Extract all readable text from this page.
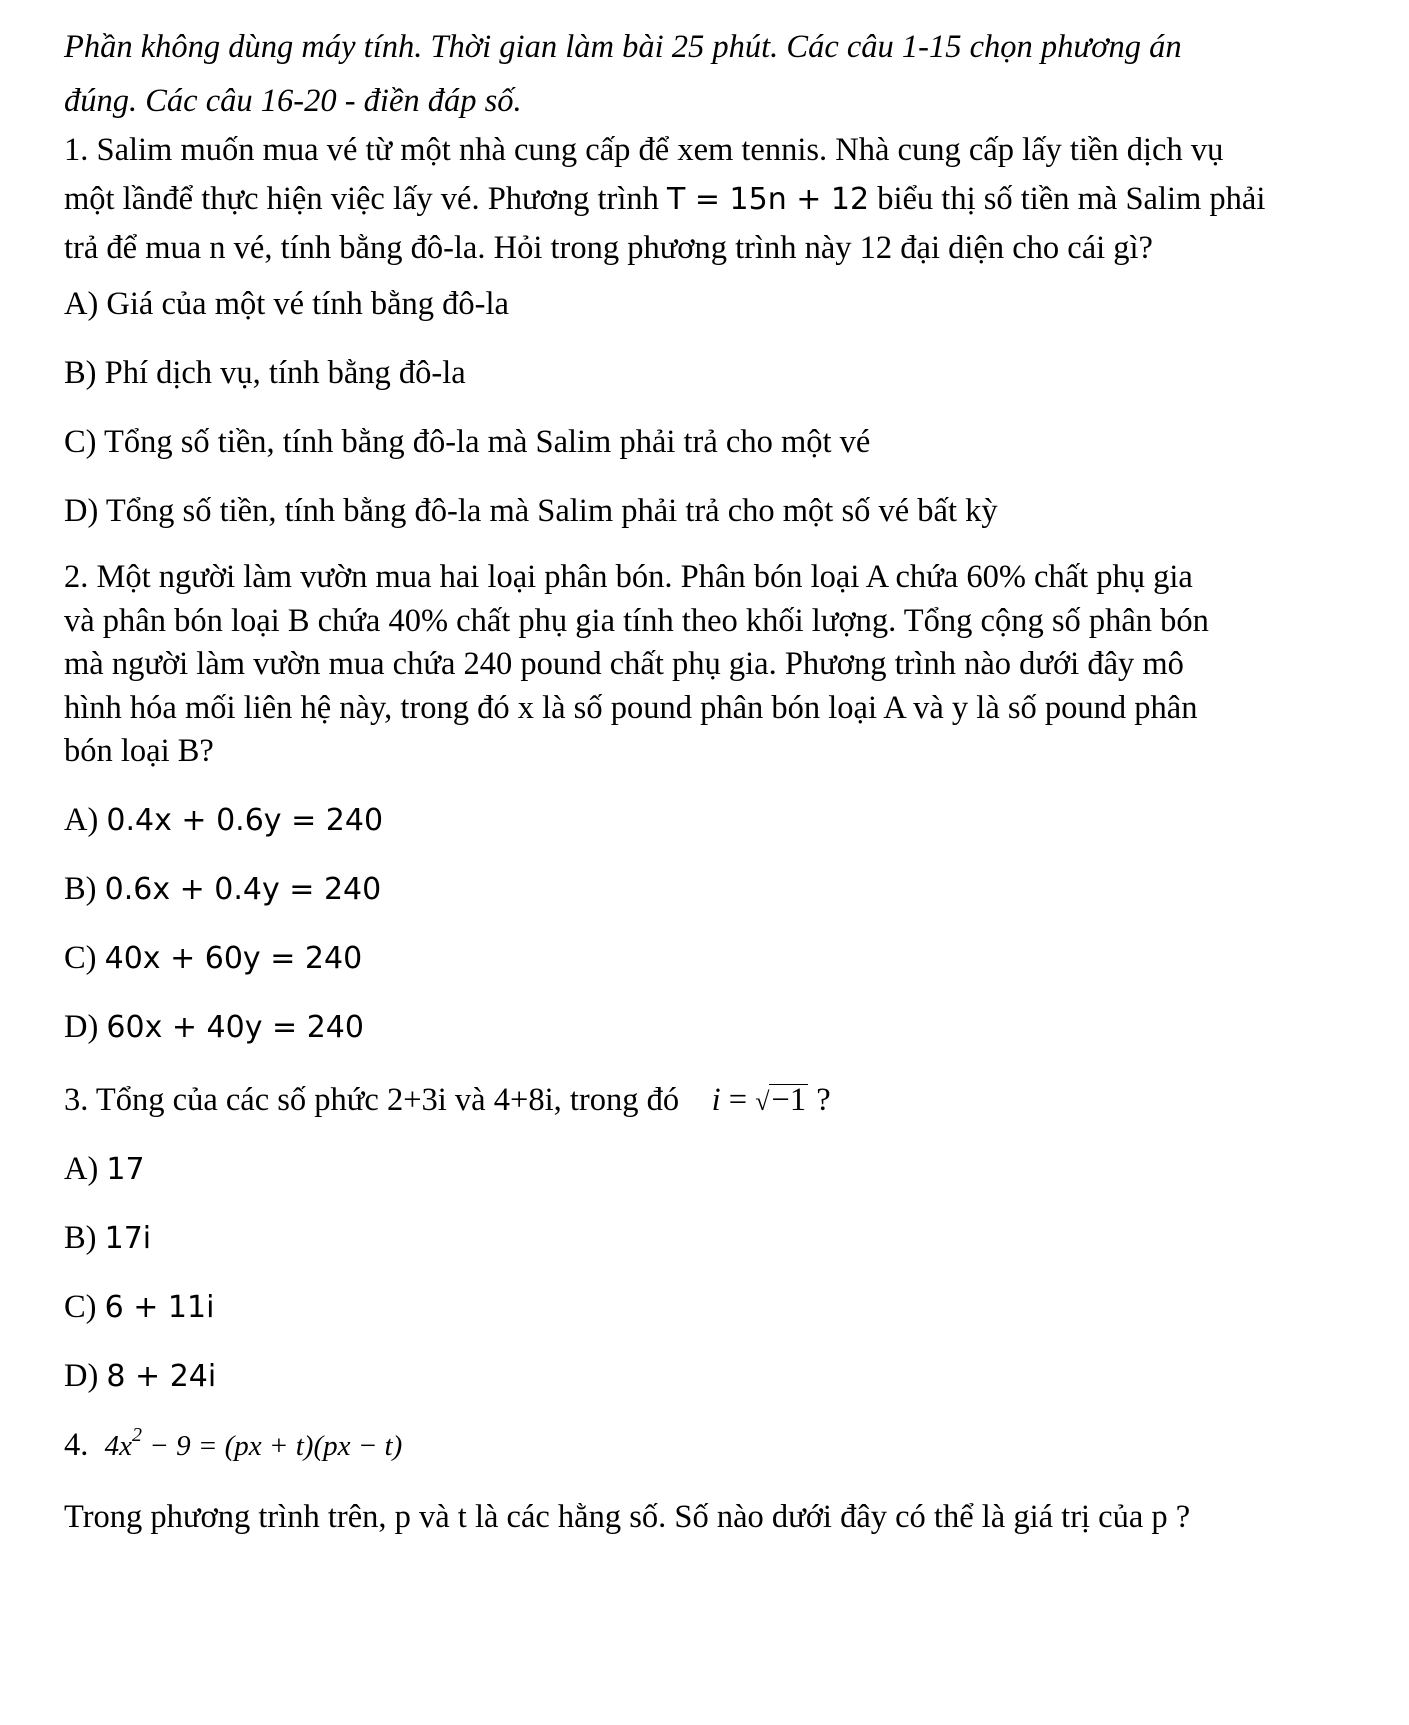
Phần không dùng máy tính. Thời gian làm bài 25 phút. Các câu 1-15 chọn phương án
đúng. Các câu 16-20 - điền đáp số.
1. Salim muốn mua vé từ một nhà cung cấp để xem tennis. Nhà cung cấp lấy tiền dịch vụ
một lầnđể thực hiện việc lấy vé. Phương trình T = 15n + 12 biểu thị số tiền mà Salim phải
trả để mua n vé, tính bằng đô-la. Hỏi trong phương trình này 12 đại diện cho cái gì?
A) Giá của một vé tính bằng đô-la
B) Phí dịch vụ, tính bằng đô-la
C) Tổng số tiền, tính bằng đô-la mà Salim phải trả cho một vé
D) Tổng số tiền, tính bằng đô-la mà Salim phải trả cho một số vé bất kỳ
2. Một người làm vườn mua hai loại phân bón. Phân bón loại A chứa 60% chất phụ gia
và phân bón loại B chứa 40% chất phụ gia tính theo khối lượng. Tổng cộng số phân bón
mà người làm vườn mua chứa 240 pound chất phụ gia. Phương trình nào dưới đây mô
hình hóa mối liên hệ này, trong đó x là số pound phân bón loại A và y là số pound phân
bón loại B?
A) 0.4x + 0.6y = 240
B) 0.6x + 0.4y = 240
C) 40x + 60y = 240
D) 60x + 40y = 240
3. Tổng của các số phức 2+3i và 4+8i, trong đó    i = √−1 ?
A) 17
B) 17i
C) 6 + 11i
D) 8 + 24i
4. $4x^2 - 9 = (px + t)(px - t)$
Trong phương trình trên, p và t là các hằng số. Số nào dưới đây có thể là giá trị của p ?
